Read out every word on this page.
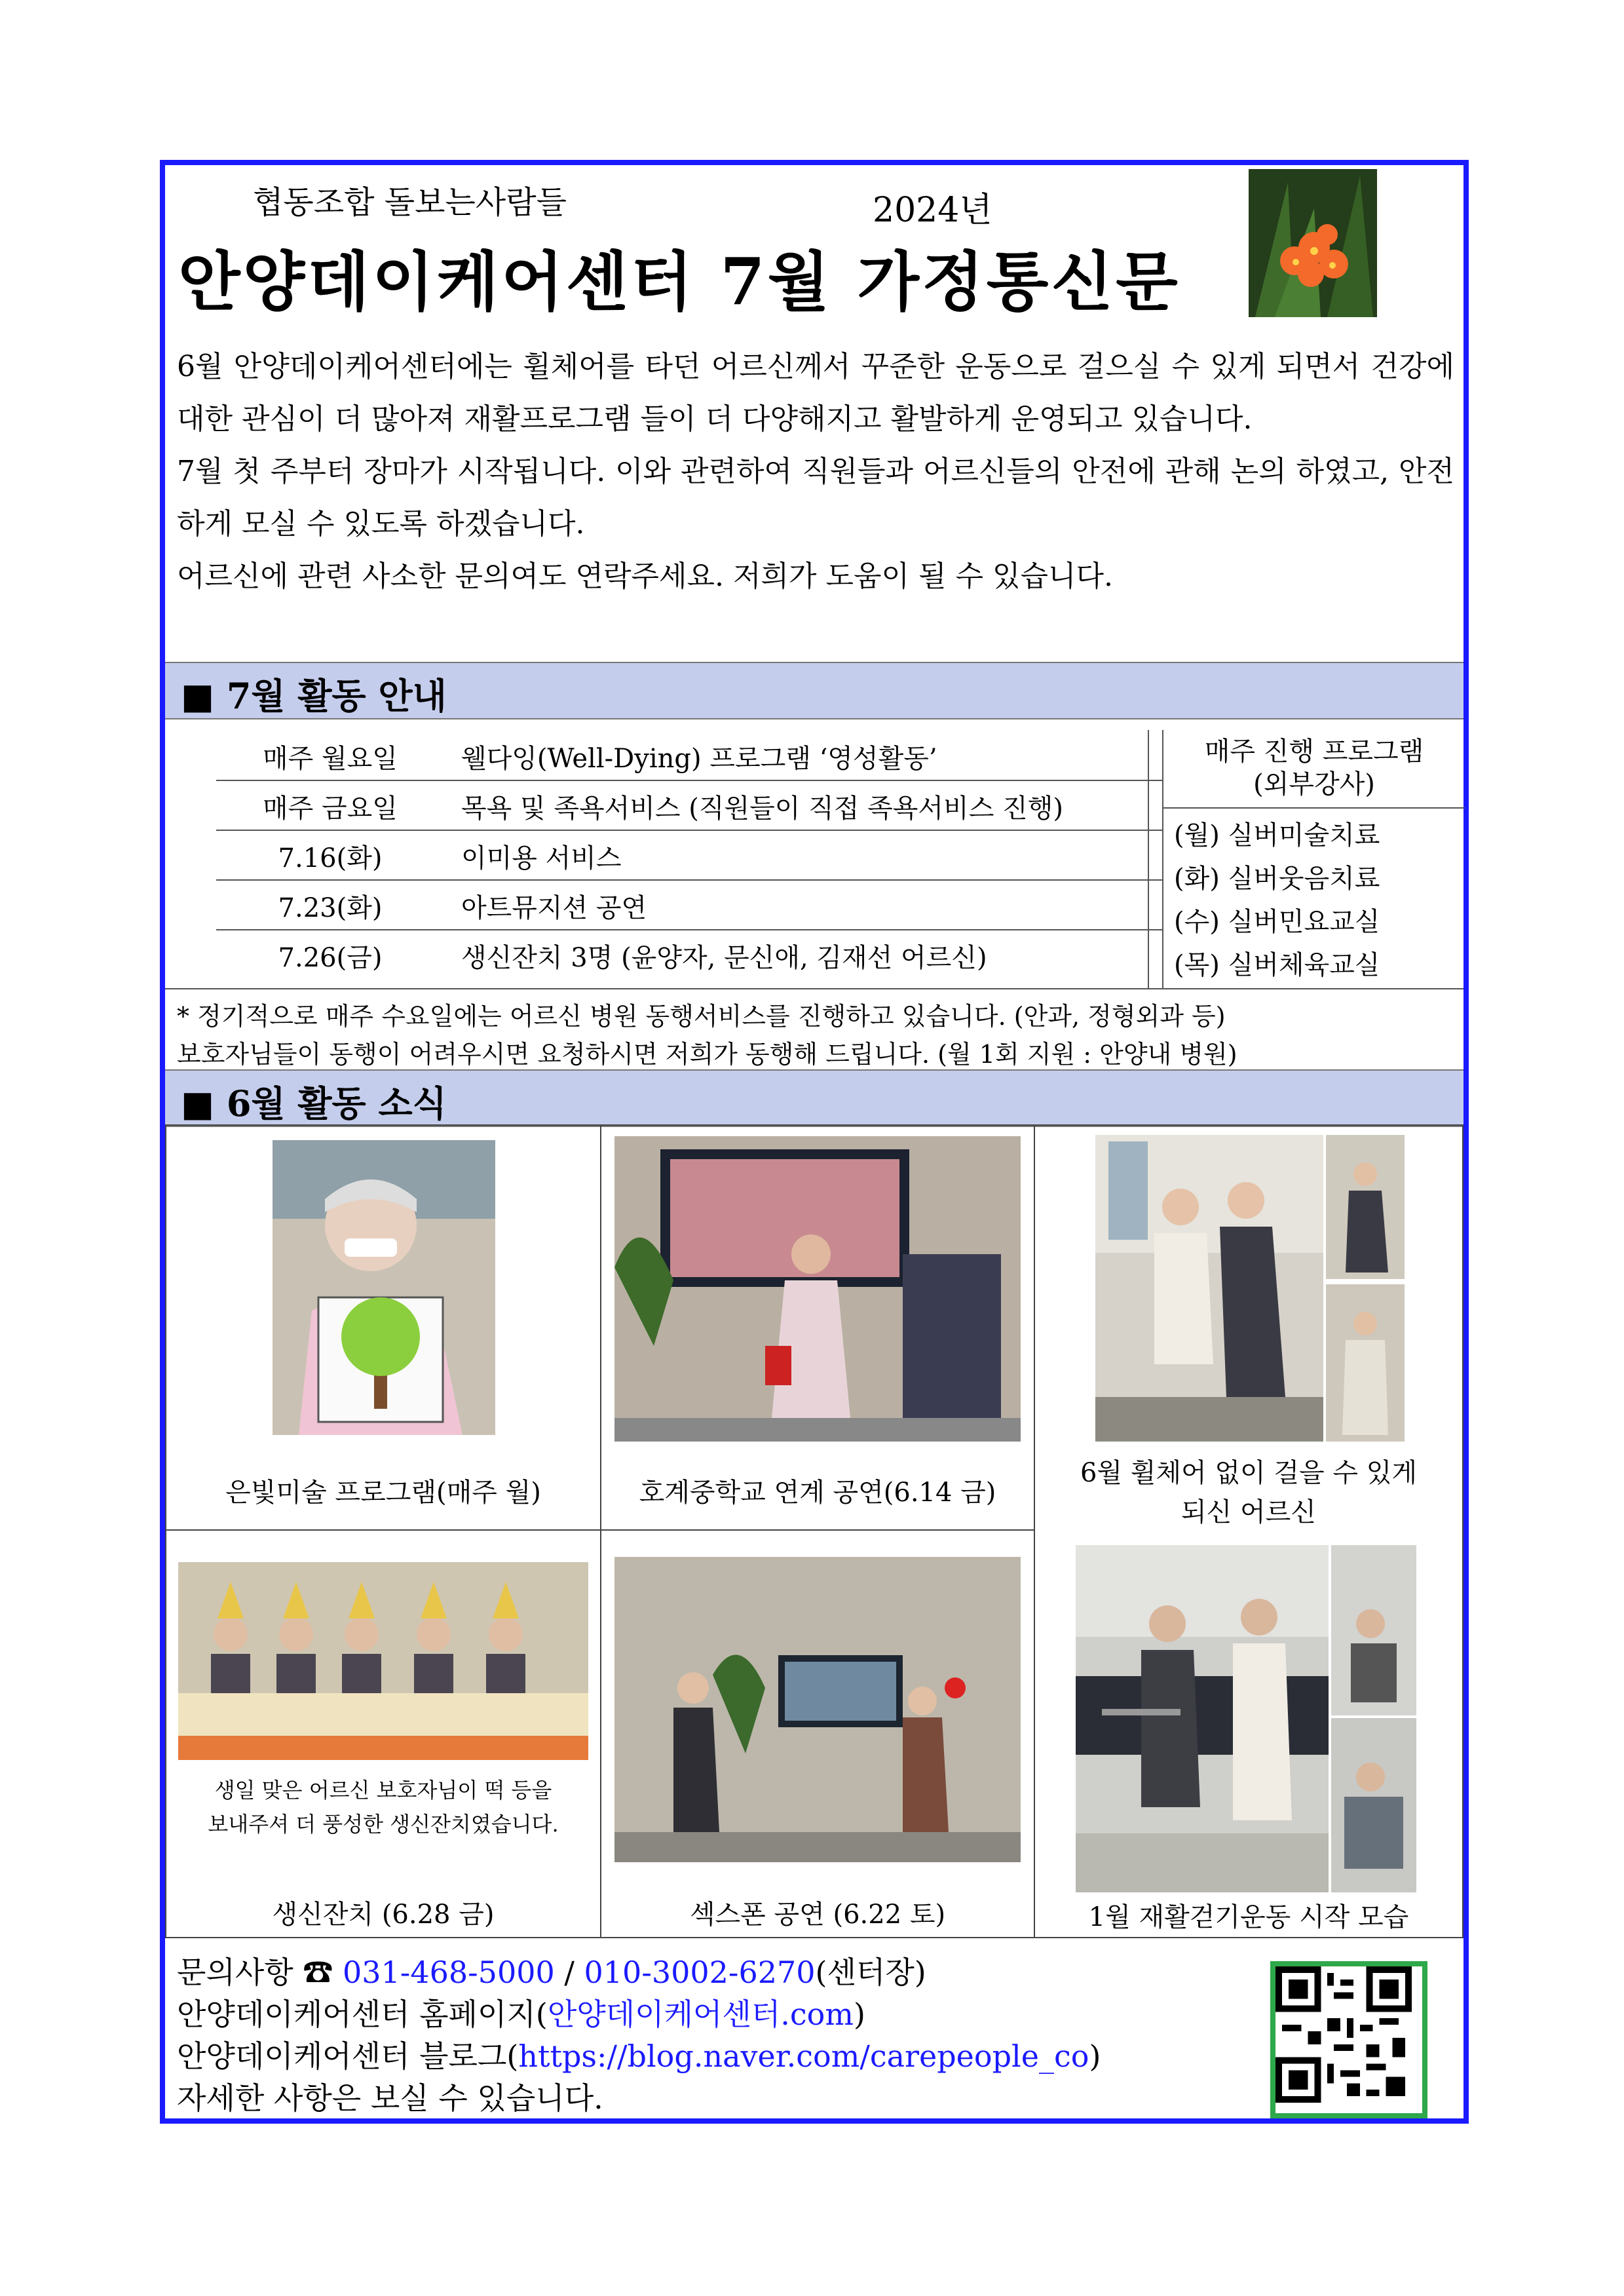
협동조합 돌보는사람들	2024년
안양데이케어센터 7월 가정통신문

6월 안양데이케어센터에는 휠체어를 타던 어르신께서 꾸준한 운동으로 걸으실 수 있게 되면서 건강에 대한 관심이 더 많아져 재활프로그램 들이 더 다양해지고 활발하게 운영되고 있습니다.

7월 첫 주부터 장마가 시작됩니다. 이와 관련하여 직원들과 어르신들의 안전에 관해 논의 하였고, 안전하게 모실 수 있도록 하겠습니다.

어르신에 관련 사소한 문의여도 연락주세요. 저희가 도움이 될 수 있습니다.

■ 7월 활동 안내
매주 월요일	웰다잉(Well-Dying) 프로그램 ‘영성활동’
매주 금요일	목욕 및 족욕서비스 (직원들이 직접 족욕서비스 진행)
7.16(화)	이미용 서비스
7.23(화)	아트뮤지션 공연
7.26(금)	생신잔치 3명 (윤양자, 문신애, 김재선 어르신)
매주 진행 프로그램
(외부강사)
(월) 실버미술치료
(화) 실버웃음치료
(수) 실버민요교실
(목) 실버체육교실
* 정기적으로 매주 수요일에는 어르신 병원 동행서비스를 진행하고 있습니다. (안과, 정형외과 등)
보호자님들이 동행이 어려우시면 요청하시면 저희가 동행해 드립니다. (월 1회 지원 : 안양내 병원)
■ 6월 활동 소식
은빛미술 프로그램(매주 월)	호계중학교 연계 공연(6.14 금)
6월 휠체어 없이 걸을 수 있게
되신 어르신
1월 재활걷기운동 시작 모습
생일 맞은 어르신 보호자님이 떡 등을
보내주셔 더 풍성한 생신잔치였습니다.
생신잔치 (6.28 금)	섹스폰 공연 (6.22 토)
문의사항 ☎ 031-468-5000 / 010-3002-6270(센터장)
안양데이케어센터 홈페이지(안양데이케어센터.com)
안양데이케어센터 블로그(https://blog.naver.com/carepeople_co)
자세한 사항은 보실 수 있습니다.
